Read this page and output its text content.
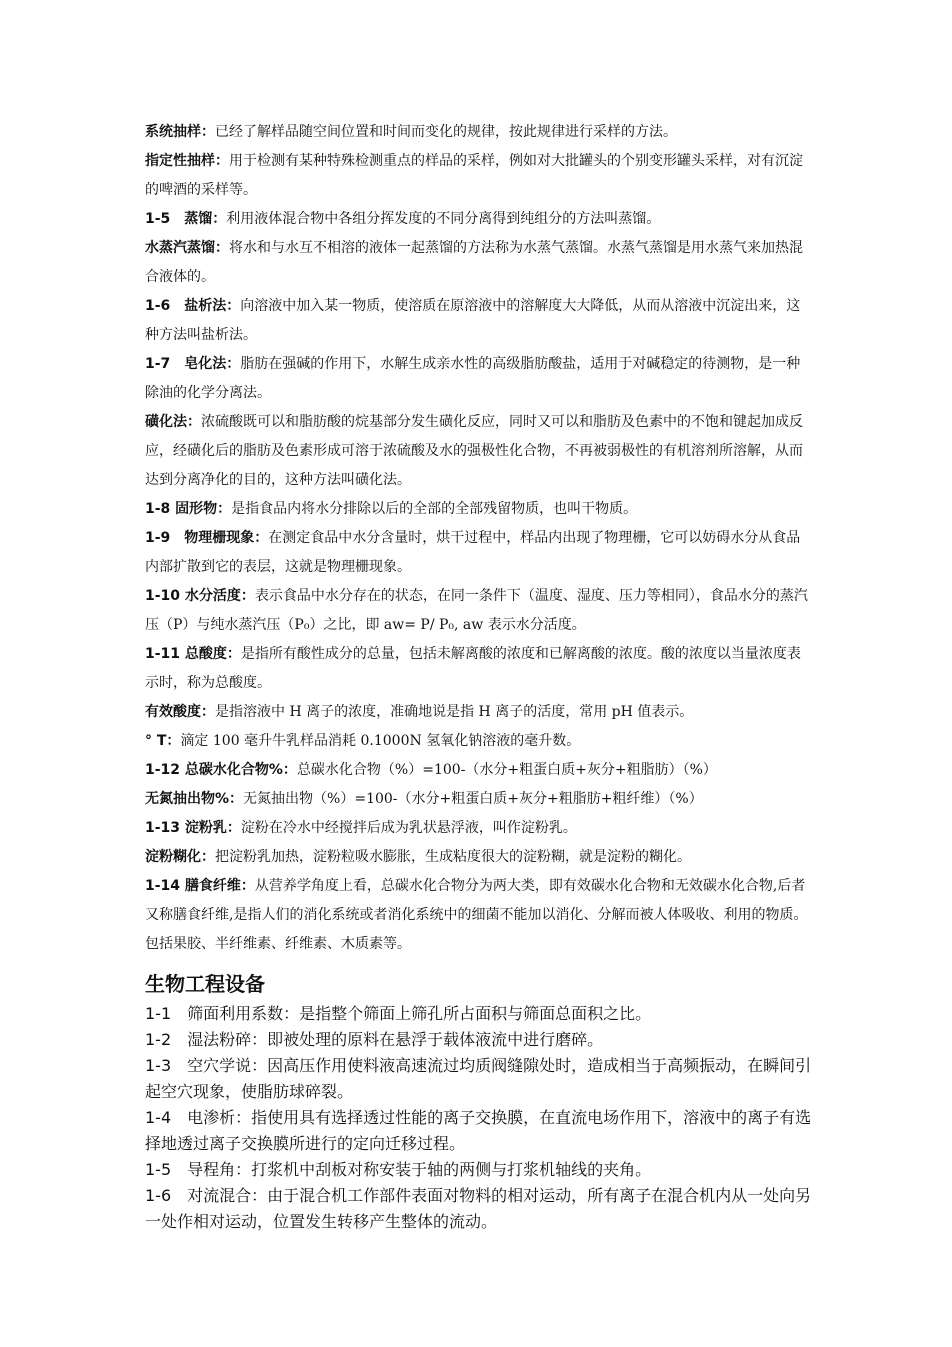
系统抽样：已经了解样品随空间位置和时间而变化的规律，按此规律进行采样的方法。

指定性抽样：用于检测有某种特殊检测重点的样品的采样，例如对大批罐头的个别变形罐头采样，对有沉淀的啤酒的采样等。

1-5　蒸馏：利用液体混合物中各组分挥发度的不同分离得到纯组分的方法叫蒸馏。

水蒸汽蒸馏：将水和与水互不相溶的液体一起蒸馏的方法称为水蒸气蒸馏。水蒸气蒸馏是用水蒸气来加热混合液体的。

1-6　盐析法：向溶液中加入某一物质，使溶质在原溶液中的溶解度大大降低，从而从溶液中沉淀出来，这种方法叫盐析法。

1-7　皂化法：脂肪在强碱的作用下，水解生成亲水性的高级脂肪酸盐，适用于对碱稳定的待测物，是一种除油的化学分离法。

磺化法：浓硫酸既可以和脂肪酸的烷基部分发生磺化反应，同时又可以和脂肪及色素中的不饱和键起加成反应，经磺化后的脂肪及色素形成可溶于浓硫酸及水的强极性化合物，不再被弱极性的有机溶剂所溶解，从而达到分离净化的目的，这种方法叫磺化法。

1-8 固形物：是指食品内将水分排除以后的全部的全部残留物质，也叫干物质。

1-9　物理栅现象：在测定食品中水分含量时，烘干过程中，样品内出现了物理栅，它可以妨碍水分从食品内部扩散到它的表层，这就是物理栅现象。

1-10 水分活度：表示食品中水分存在的状态，在同一条件下（温度、湿度、压力等相同），食品水分的蒸汽压（P）与纯水蒸汽压（P₀）之比，即 aw= P/ P₀, aw 表示水分活度。

1-11 总酸度：是指所有酸性成分的总量，包括未解离酸的浓度和已解离酸的浓度。酸的浓度以当量浓度表示时，称为总酸度。

有效酸度：是指溶液中 H 离子的浓度，准确地说是指 H 离子的活度，常用 pH 值表示。

° T：滴定 100 毫升牛乳样品消耗 0.1000N 氢氧化钠溶液的毫升数。

1-12 总碳水化合物%：总碳水化合物（%）=100-（水分+粗蛋白质+灰分+粗脂肪）（%）

无氮抽出物%：无氮抽出物（%）=100-（水分+粗蛋白质+灰分+粗脂肪+粗纤维）（%）

1-13 淀粉乳：淀粉在冷水中经搅拌后成为乳状悬浮液，叫作淀粉乳。

淀粉糊化：把淀粉乳加热，淀粉粒吸水膨胀，生成粘度很大的淀粉糊，就是淀粉的糊化。

1-14 膳食纤维：从营养学角度上看，总碳水化合物分为两大类，即有效碳水化合物和无效碳水化合物,后者又称膳食纤维,是指人们的消化系统或者消化系统中的细菌不能加以消化、分解而被人体吸收、利用的物质。包括果胶、半纤维素、纤维素、木质素等。

生物工程设备

1-1　筛面利用系数：是指整个筛面上筛孔所占面积与筛面总面积之比。

1-2　湿法粉碎：即被处理的原料在悬浮于载体液流中进行磨碎。

1-3　空穴学说：因高压作用使料液高速流过均质阀缝隙处时，造成相当于高频振动，在瞬间引起空穴现象，使脂肪球碎裂。

1-4　电渗析：指使用具有选择透过性能的离子交换膜，在直流电场作用下，溶液中的离子有选择地透过离子交换膜所进行的定向迁移过程。

1-5　导程角：打浆机中刮板对称安装于轴的两侧与打浆机轴线的夹角。

1-6　对流混合：由于混合机工作部件表面对物料的相对运动，所有离子在混合机内从一处向另一处作相对运动，位置发生转移产生整体的流动。
